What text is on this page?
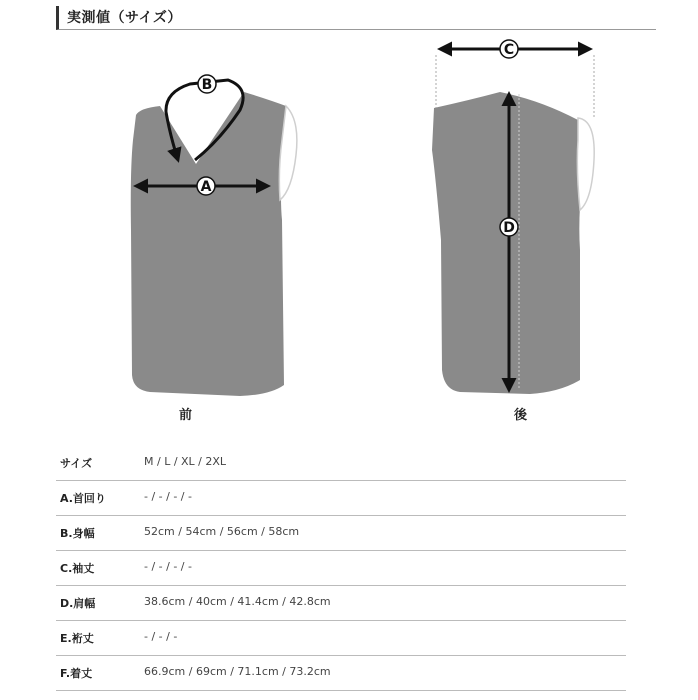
実測値（サイズ）
B
A
C
D
前	後
サイズ	M / L / XL / 2XL
A.首回り	- / - / - / -
B.身幅	52cm / 54cm / 56cm / 58cm
C.袖丈	- / - / - / -
D.肩幅	38.6cm / 40cm / 41.4cm / 42.8cm
E.裄丈	- / - / -
F.着丈	66.9cm / 69cm / 71.1cm / 73.2cm
